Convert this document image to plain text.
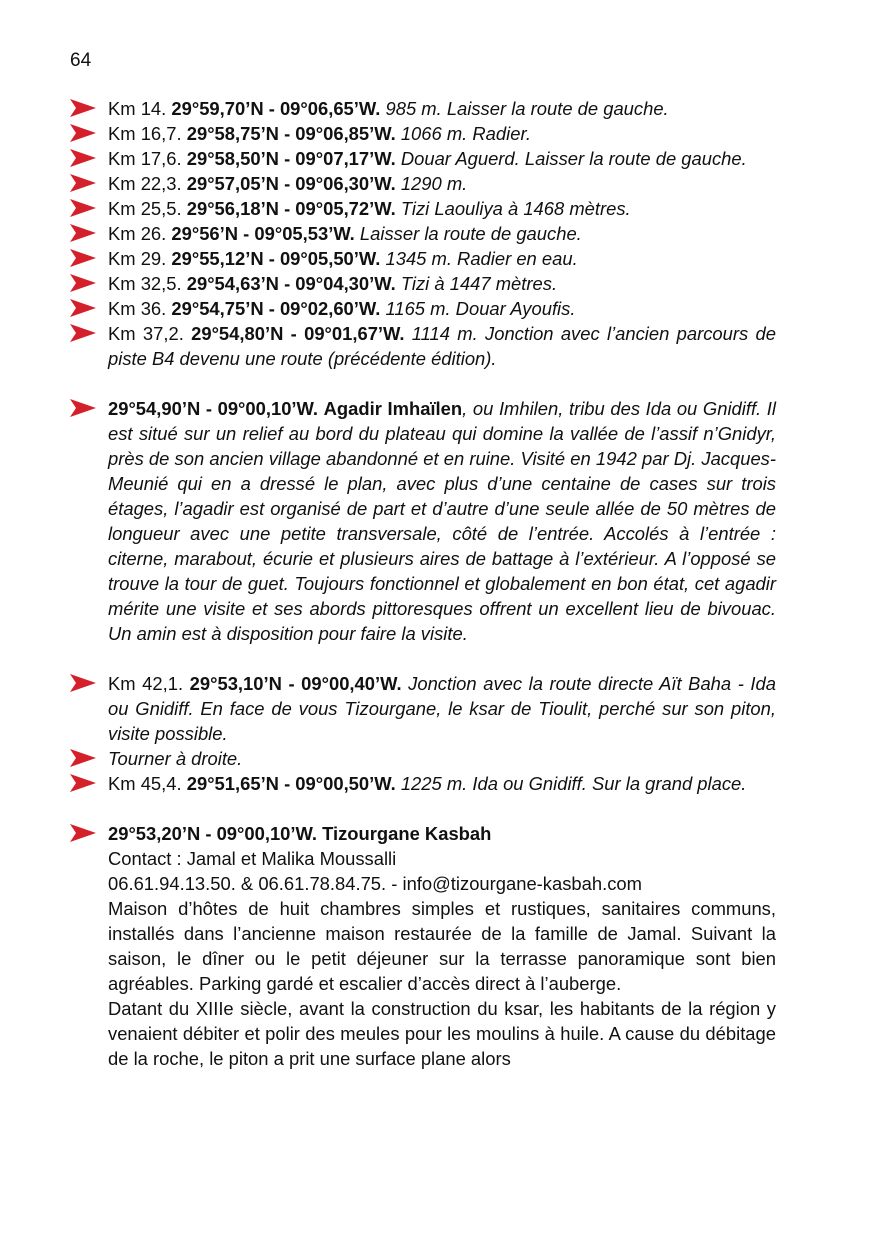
64
Km 14. 29°59,70’N - 09°06,65’W. 985 m. Laisser la route de gauche.
Km 16,7. 29°58,75’N - 09°06,85’W. 1066 m. Radier.
Km 17,6. 29°58,50’N - 09°07,17’W. Douar Aguerd. Laisser la route de gauche.
Km 22,3. 29°57,05’N - 09°06,30’W. 1290 m.
Km 25,5. 29°56,18’N - 09°05,72’W. Tizi Laouliya à 1468 mètres.
Km 26. 29°56’N - 09°05,53’W. Laisser la route de gauche.
Km 29. 29°55,12’N - 09°05,50’W. 1345 m. Radier en eau.
Km 32,5. 29°54,63’N - 09°04,30’W. Tizi à 1447 mètres.
Km 36. 29°54,75’N - 09°02,60’W. 1165 m. Douar Ayoufis.
Km 37,2. 29°54,80’N - 09°01,67’W. 1114 m. Jonction avec l’ancien parcours de piste B4 devenu une route (précédente édition).
29°54,90’N - 09°00,10’W. Agadir Imhaïlen, ou Imhilen, tribu des Ida ou Gnidiff. Il est situé sur un relief au bord du plateau qui domine la vallée de l’assif n’Gnidyr, près de son ancien village abandonné et en ruine. Visité en 1942 par Dj. Jacques-Meunié qui en a dressé le plan, avec plus d’une centaine de cases sur trois étages, l’agadir est organisé de part et d’autre d’une seule allée de 50 mètres de longueur avec une petite transversale, côté de l’entrée. Accolés à l’entrée : citerne, marabout, écurie et plusieurs aires de battage à l’extérieur. A l’opposé se trouve la tour de guet. Toujours fonctionnel et globalement en bon état, cet agadir mérite une visite et ses abords pittoresques offrent un excellent lieu de bivouac. Un amin est à disposition pour faire la visite.
Km 42,1. 29°53,10’N - 09°00,40’W. Jonction avec la route directe Aït Baha - Ida ou Gnidiff. En face de vous Tizourgane, le ksar de Tioulit, perché sur son piton, visite possible.
Tourner à droite.
Km 45,4. 29°51,65’N - 09°00,50’W. 1225 m. Ida ou Gnidiff. Sur la grand place.
29°53,20’N - 09°00,10’W. Tizourgane Kasbah
Contact : Jamal et Malika Moussalli
06.61.94.13.50. & 06.61.78.84.75. - info@tizourgane-kasbah.com
Maison d’hôtes de huit chambres simples et rustiques, sanitaires communs, installés dans l’ancienne maison restaurée de la famille de Jamal. Suivant la saison, le dîner ou le petit déjeuner sur la terrasse panoramique sont bien agréables. Parking gardé et escalier d’accès direct à l’auberge.
Datant du XIIIe siècle, avant la construction du ksar, les habitants de la région y venaient débiter et polir des meules pour les moulins à huile. A cause du débitage de la roche, le piton a prit une surface plane alors
